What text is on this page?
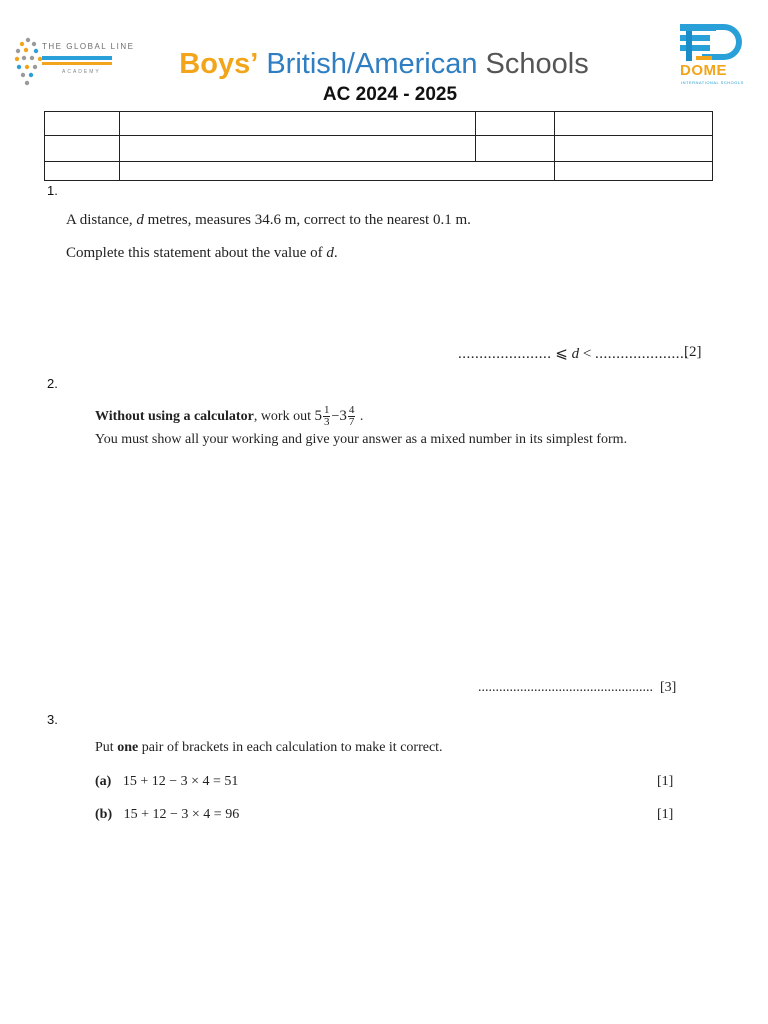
THE GLOBAL LINE
ACADEMY	Boys’ British/American Schools
AC 2024 - 2025
DOME
INTERNATIONAL SCHOOLS
1.
A distance, d metres, measures 34.6 m, correct to the nearest 0.1 m.
Complete this statement about the value of d.
...................... ⩽ d < ......................
[2]
2.
Without using a calculator, work out $5 \frac{1}{3} -3 \frac{4}{7}$ .
You must show all your working and give your answer as a mixed number in its simplest form.
.................................................. [3]
3.
Put one pair of brackets in each calculation to make it correct.
(a) 15 + 12 − 3 × 4 = 51	[1]
(b) 15 + 12 − 3 × 4 = 96	[1]
